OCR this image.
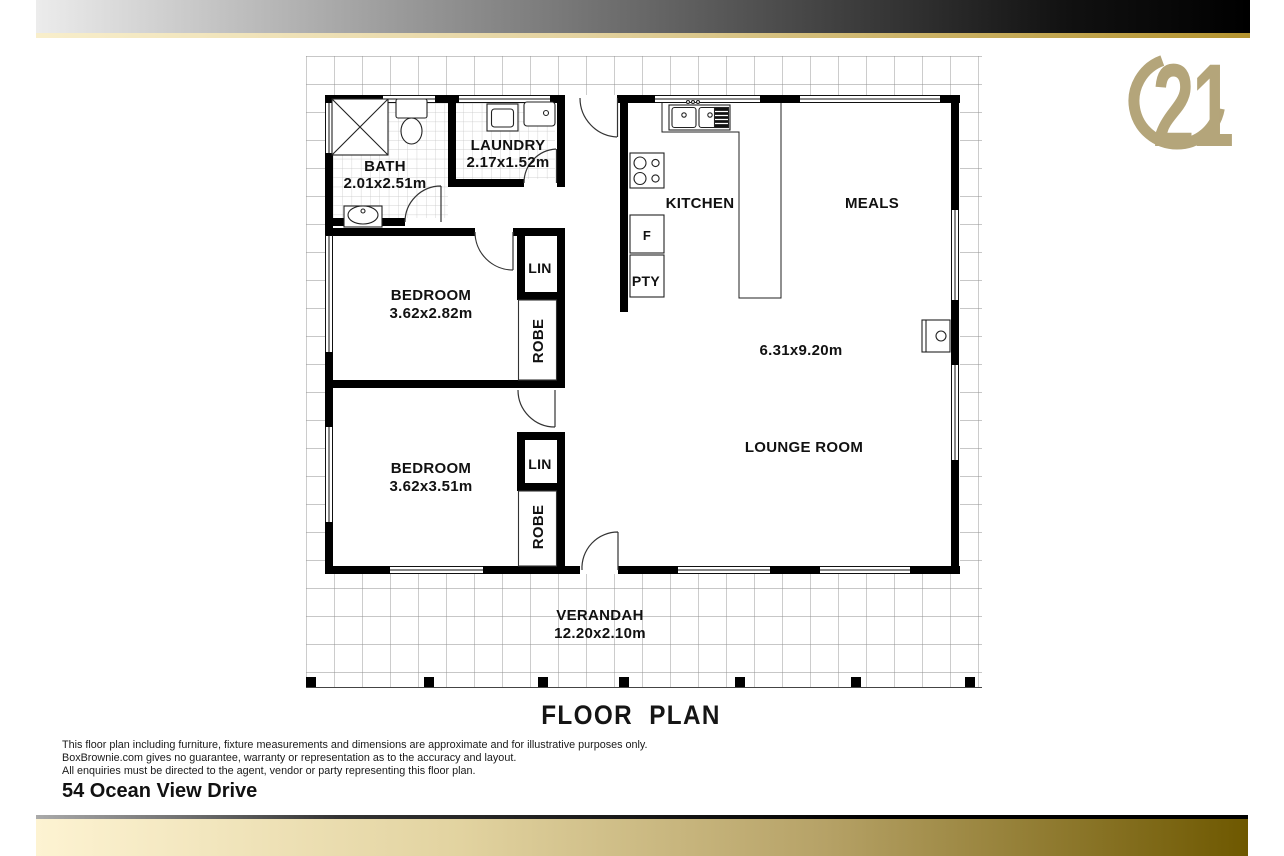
21
BATH
2.01x2.51m
LAUNDRY
2.17x1.52m
KITCHEN	MEALS
6.31x9.20m
LOUNGE ROOM
BEDROOM
3.62x2.82m
BEDROOM
3.62x3.51m
LIN
LIN
ROBE
ROBE
F
PTY
VERANDAH
12.20x2.10m
FLOOR  PLAN
This floor plan including furniture, fixture measurements and dimensions are approximate and for illustrative purposes only.
BoxBrownie.com gives no guarantee, warranty or representation as to the accuracy and layout.
All enquiries must be directed to the agent, vendor or party representing this floor plan.
54 Ocean View Drive
